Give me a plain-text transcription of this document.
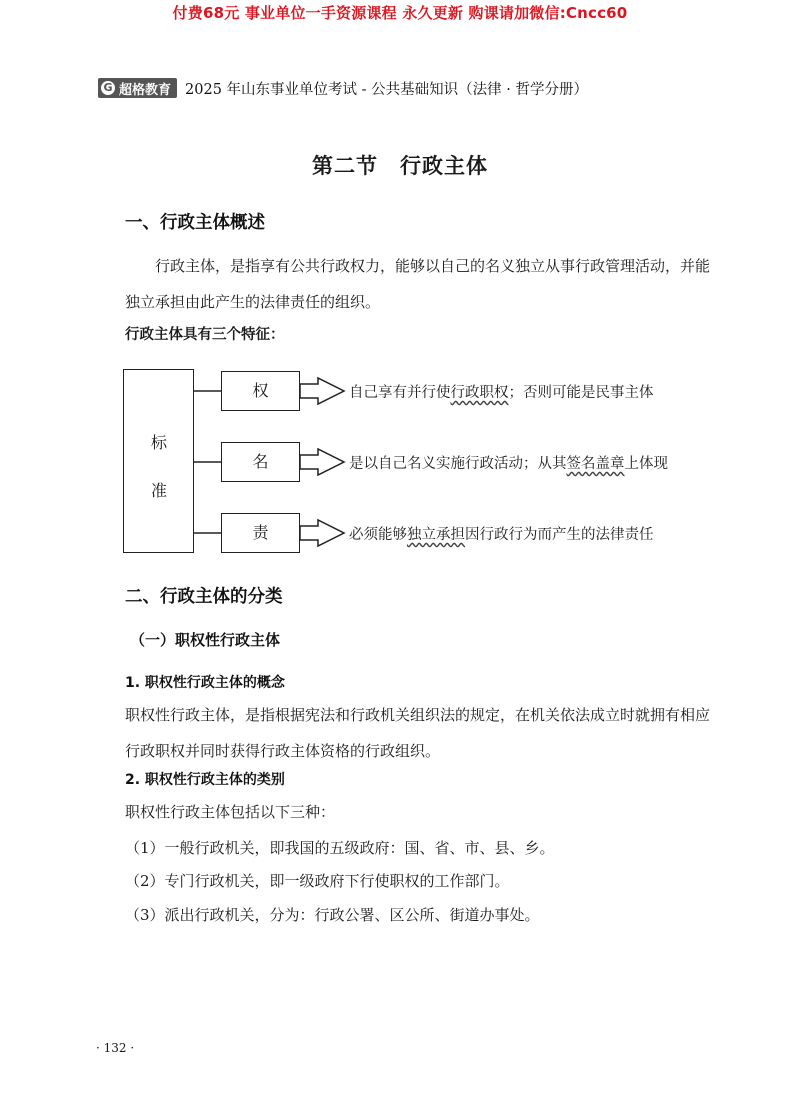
付费68元 事业单位一手资源课程 永久更新 购课请加微信:Cncc60
G 超格教育 2025 年山东事业单位考试 - 公共基础知识（法律 · 哲学分册）
第二节　行政主体
一、行政主体概述
行政主体，是指享有公共行政权力，能够以自己的名义独立从事行政管理活动，并能独立承担由此产生的法律责任的组织。
行政主体具有三个特征：
标
准
权
名
责
自己享有并行使行政职权；否则可能是民事主体
是以自己名义实施行政活动；从其签名盖章上体现
必须能够独立承担因行政行为而产生的法律责任
二、行政主体的分类
（一）职权性行政主体
1. 职权性行政主体的概念
职权性行政主体，是指根据宪法和行政机关组织法的规定，在机关依法成立时就拥有相应行政职权并同时获得行政主体资格的行政组织。
2. 职权性行政主体的类别
职权性行政主体包括以下三种：
（1）一般行政机关，即我国的五级政府：国、省、市、县、乡。
（2）专门行政机关，即一级政府下行使职权的工作部门。
（3）派出行政机关，分为：行政公署、区公所、街道办事处。
· 132 ·
